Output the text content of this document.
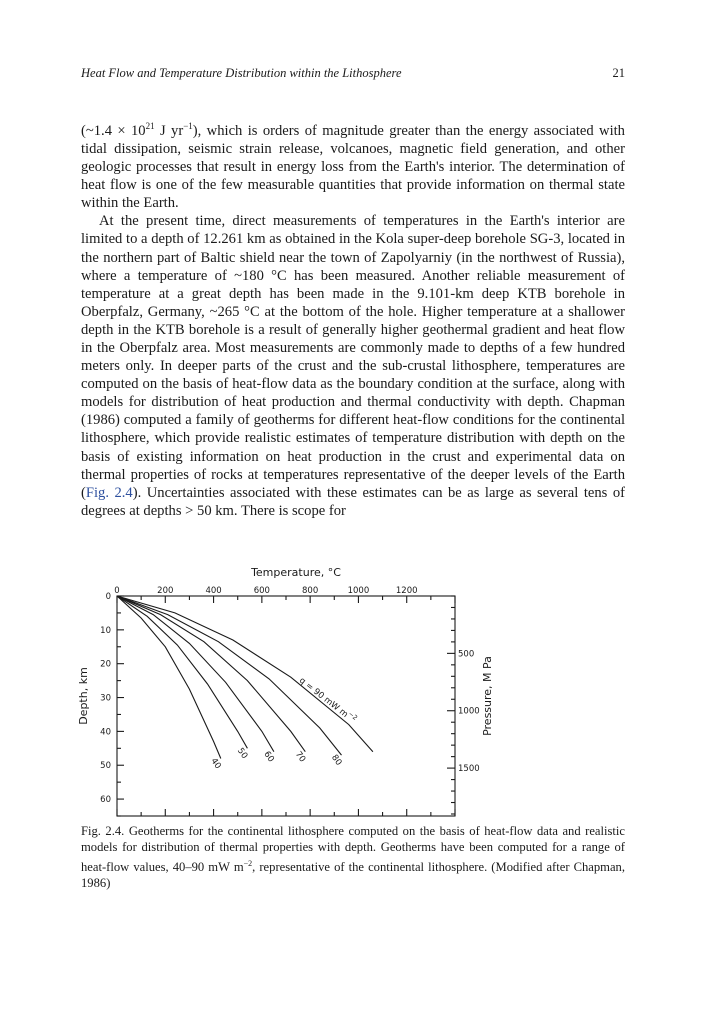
Heat Flow and Temperature Distribution within the Lithosphere	21

(~1.4 × $10^{21}$ J $yr^{-1}$), which is orders of magnitude greater than the energy associated with tidal dissipation, seismic strain release, volcanoes, magnetic field generation, and other geologic processes that result in energy loss from the Earth's interior. The determination of heat flow is one of the few measurable quantities that provide information on thermal state within the Earth.

At the present time, direct measurements of temperatures in the Earth's interior are limited to a depth of 12.261 km as obtained in the Kola super-deep borehole SG-3, located in the northern part of Baltic shield near the town of Zapolyarniy (in the northwest of Russia), where a temperature of ~180 °C has been measured. Another reliable measurement of temperature at a great depth has been made in the 9.101-km deep KTB borehole in Oberpfalz, Germany, ~265 °C at the bottom of the hole. Higher temperature at a shallower depth in the KTB borehole is a result of generally higher geothermal gradient and heat flow in the Oberpfalz area. Most measurements are commonly made to depths of a few hundred meters only. In deeper parts of the crust and the sub-crustal lithosphere, temperatures are computed on the basis of heat-flow data as the boundary condition at the surface, along with models for distribution of heat production and thermal conductivity with depth. Chapman (1986) computed a family of geotherms for different heat-flow conditions for the continental lithosphere, which provide realistic estimates of temperature distribution with depth on the basis of existing information on heat production in the crust and experimental data on thermal properties of rocks at temperatures representative of the deeper levels of the Earth (Fig. 2.4). Uncertainties associated with these estimates can be as large as several tens of degrees at depths > 50 km. There is scope for

0	200	400	600	800	1000	1200
0
10
20
30
40
50
60
500
1000
1500
Temperature, °C
Depth, km	Pressure, M Pa
40
50 60 70	80
q = 90 mW $m^{-2}$
Fig. 2.4. Geotherms for the continental lithosphere computed on the basis of heat-flow data and realistic models for distribution of thermal properties with depth. Geotherms have been computed for a range of heat-flow values, 40–90 mW $m^{-2}$, representative of the continental lithosphere. (Modified after Chapman, 1986)
